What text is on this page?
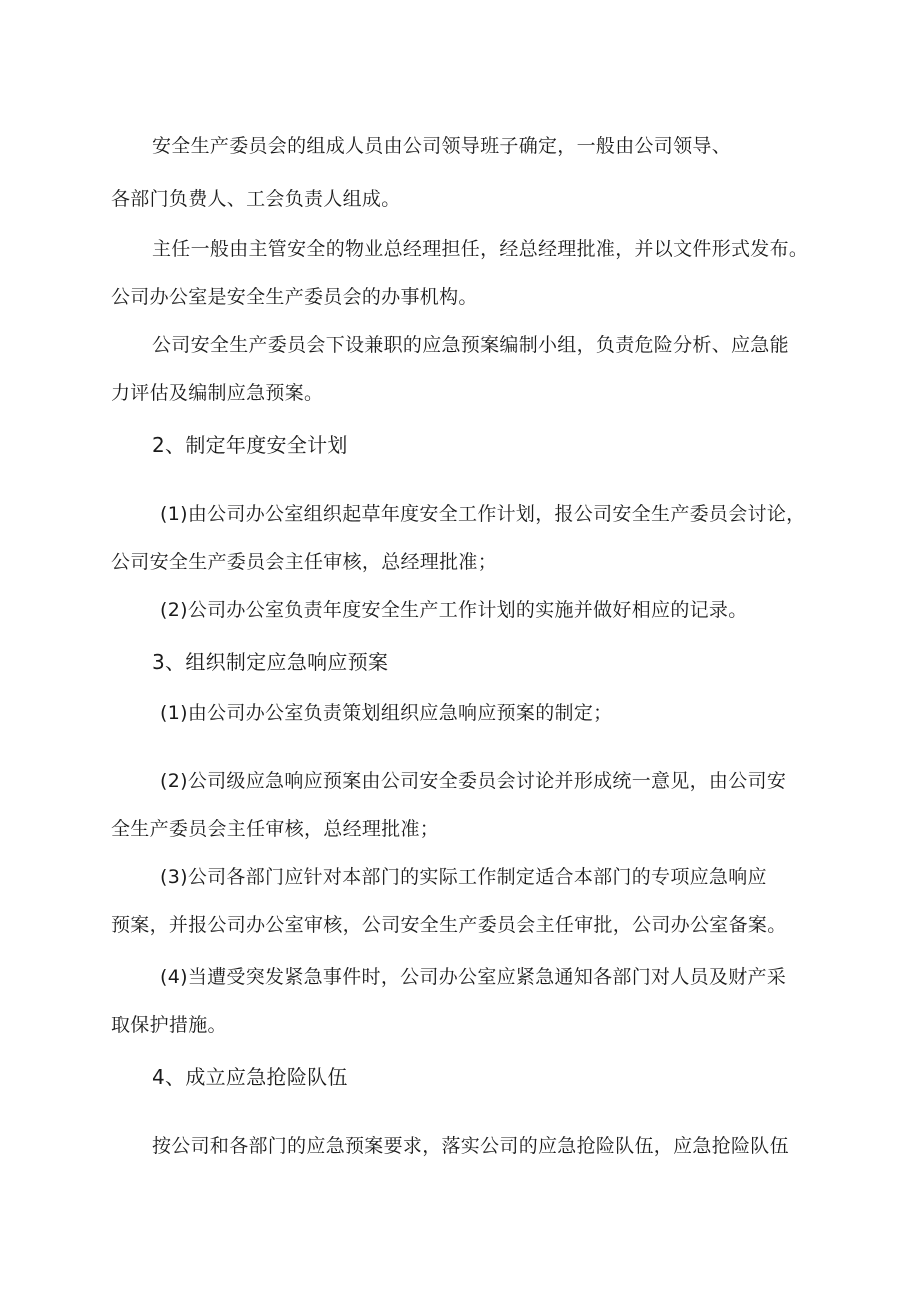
安全生产委员会的组成人员由公司领导班子确定，一般由公司领导、
各部门负费人、工会负责人组成。
主任一般由主管安全的物业总经理担任，经总经理批准，并以文件形式发布。
公司办公室是安全生产委员会的办事机构。
公司安全生产委员会下设兼职的应急预案编制小组，负责危险分析、应急能
力评估及编制应急预案。
2、制定年度安全计划
(1)由公司办公室组织起草年度安全工作计划，报公司安全生产委员会讨论，
公司安全生产委员会主任审核，总经理批准；
(2)公司办公室负责年度安全生产工作计划的实施并做好相应的记录。
3、组织制定应急响应预案
(1)由公司办公室负责策划组织应急响应预案的制定；
(2)公司级应急响应预案由公司安全委员会讨论并形成统一意见，由公司安
全生产委员会主任审核，总经理批准；
(3)公司各部门应针对本部门的实际工作制定适合本部门的专项应急响应
预案，并报公司办公室审核，公司安全生产委员会主任审批，公司办公室备案。
(4)当遭受突发紧急事件时，公司办公室应紧急通知各部门对人员及财产采
取保护措施。
4、成立应急抢险队伍
按公司和各部门的应急预案要求，落实公司的应急抢险队伍，应急抢险队伍
